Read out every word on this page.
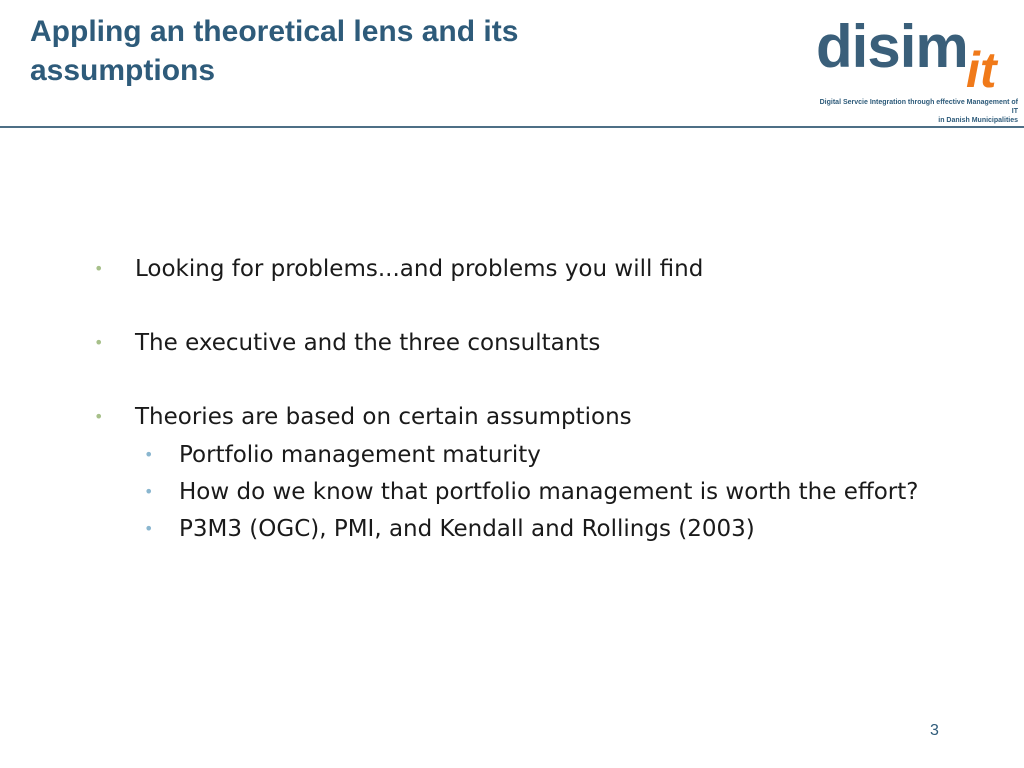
Appling an theoretical lens and its assumptions	disim
it
Digital Servcie Integration through effective Management of IT
in Danish Municipalities
• Looking for problems...and problems you will find
• The executive and the three consultants
• Theories are based on certain assumptions
• Portfolio management maturity
• How do we know that portfolio management is worth the effort?
• P3M3 (OGC), PMI, and Kendall and Rollings (2003)
3
